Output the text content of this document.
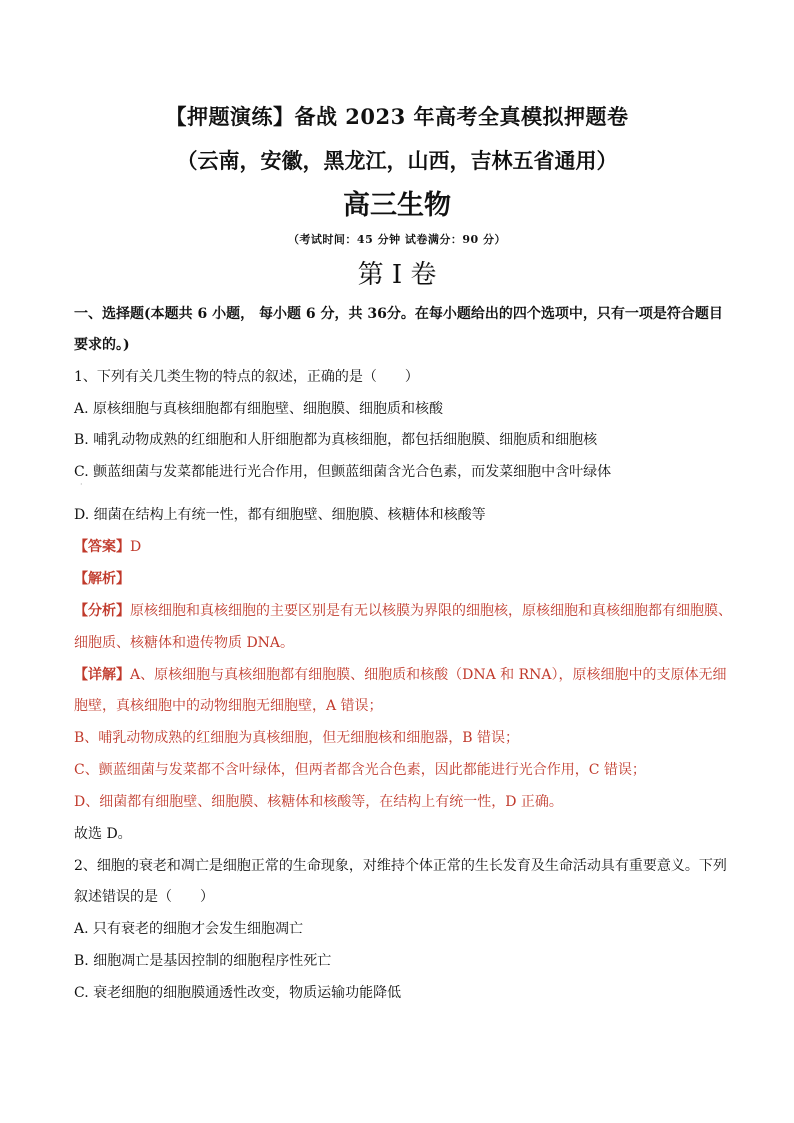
【押题演练】备战 2023 年高考全真模拟押题卷
（云南，安徽，黑龙江，山西，吉林五省通用）
高三生物
（考试时间：45 分钟 试卷满分：90 分）
第 I 卷
一、选择题(本题共 6 小题， 每小题 6 分，共 36分。在每小题给出的四个选项中，只有一项是符合题目
要求的。)
1、下列有关几类生物的特点的叙述，正确的是（　　）
A. 原核细胞与真核细胞都有细胞壁、细胞膜、细胞质和核酸
B. 哺乳动物成熟的红细胞和人肝细胞都为真核细胞，都包括细胞膜、细胞质和细胞核
C. 颤蓝细菌与发菜都能进行光合作用，但颤蓝细菌含光合色素，而发菜细胞中含叶绿体
·
D. 细菌在结构上有统一性，都有细胞壁、细胞膜、核糖体和核酸等
【答案】D
【解析】
【分析】原核细胞和真核细胞的主要区别是有无以核膜为界限的细胞核，原核细胞和真核细胞都有细胞膜、
细胞质、核糖体和遗传物质 DNA。
【详解】A、原核细胞与真核细胞都有细胞膜、细胞质和核酸（DNA 和 RNA），原核细胞中的支原体无细
胞壁，真核细胞中的动物细胞无细胞壁，A 错误；
B、哺乳动物成熟的红细胞为真核细胞，但无细胞核和细胞器，B 错误；
C、颤蓝细菌与发菜都不含叶绿体，但两者都含光合色素，因此都能进行光合作用，C 错误；
D、细菌都有细胞壁、细胞膜、核糖体和核酸等，在结构上有统一性，D 正确。
故选 D。
2、细胞的衰老和凋亡是细胞正常的生命现象，对维持个体正常的生长发育及生命活动具有重要意义。下列
叙述错误的是（　　）
A. 只有衰老的细胞才会发生细胞凋亡
B. 细胞凋亡是基因控制的细胞程序性死亡
C. 衰老细胞的细胞膜通透性改变，物质运输功能降低
